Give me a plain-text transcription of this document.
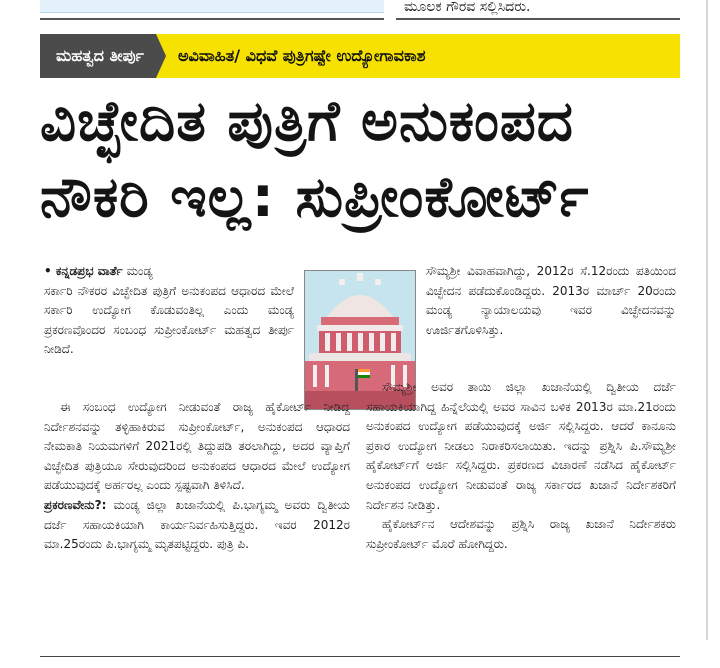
ಮೂಲಕ ಗೌರವ ಸಲ್ಲಿಸಿದರು.
ಮಹತ್ವದ ತೀರ್ಪು	ಅವಿವಾಹಿತ/ ವಿಧವೆ ಪುತ್ರಿಗಷ್ಟೇ ಉದ್ಯೋಗಾವಕಾಶ
ವಿಚ್ಛೇದಿತ ಪುತ್ರಿಗೆ ಅನುಕಂಪದ
ನೌಕರಿ ಇಲ್ಲ: ಸುಪ್ರೀಂಕೋರ್ಟ್

• ಕನ್ನಡಪ್ರಭ ವಾರ್ತೆ ಮಂಡ್ಯ

ಸರ್ಕಾರಿ ನೌಕರರ ವಿಚ್ಛೇದಿತ ಪುತ್ರಿಗೆ ಅನುಕಂಪದ ಆಧಾರದ ಮೇಲೆ ಸರ್ಕಾರಿ ಉದ್ಯೋಗ ಕೊಡುವಂತಿಲ್ಲ ಎಂದು ಮಂಡ್ಯ ಪ್ರಕರಣವೊಂದರ ಸಂಬಂಧ ಸುಪ್ರೀಂಕೋರ್ಟ್ ಮಹತ್ವದ ತೀರ್ಪು ನೀಡಿದೆ.

ಈ ಸಂಬಂಧ ಉದ್ಯೋಗ ನೀಡುವಂತೆ ರಾಜ್ಯ ಹೈಕೋರ್ಟ್ ನೀಡಿದ್ದ ನಿರ್ದೇಶನವನ್ನು ತಳ್ಳಿಹಾಕಿರುವ ಸುಪ್ರೀಂಕೋರ್ಟ್, ಅನುಕಂಪದ ಆಧಾರದ ನೇಮಕಾತಿ ನಿಯಮಗಳಿಗೆ 2021ರಲ್ಲಿ ತಿದ್ದುಪಡಿ ತರಲಾಗಿದ್ದು, ಅದರ ವ್ಯಾಪ್ತಿಗೆ ವಿಚ್ಛೇದಿತ ಪುತ್ರಿಯೂ ಸೇರುವುದರಿಂದ ಅನುಕಂಪದ ಆಧಾರದ ಮೇಲೆ ಉದ್ಯೋಗ ಪಡೆಯುವುದಕ್ಕೆ ಅರ್ಹರಲ್ಲ ಎಂದು ಸ್ಪಷ್ಟವಾಗಿ ತಿಳಿಸಿದೆ.

ಪ್ರಕರಣವೇನು?: ಮಂಡ್ಯ ಜಿಲ್ಲಾ ಖಜಾನೆಯಲ್ಲಿ ಪಿ.ಭಾಗ್ಯಮ್ಮ ಅವರು ದ್ವಿತೀಯ ದರ್ಜೆ ಸಹಾಯಕಿಯಾಗಿ ಕಾರ್ಯನಿರ್ವಹಿಸುತ್ತಿದ್ದರು. ಇವರ 2012ರ ಮಾ.25ರಂದು ಪಿ.ಭಾಗ್ಯಮ್ಮ ಮೃತಪಟ್ಟಿದ್ದರು. ಪುತ್ರಿ ಪಿ.

ಸೌಮ್ಯಶ್ರೀ ವಿವಾಹವಾಗಿದ್ದು, 2012ರ ಸೆ.12ರಂದು ಪತಿಯಿಂದ ವಿಚ್ಛೇದನ ಪಡೆದುಕೊಂಡಿದ್ದರು. 2013ರ ಮಾರ್ಚ್ 20ರಂದು ಮಂಡ್ಯ ನ್ಯಾಯಾಲಯವು ಇವರ ವಿಚ್ಛೇದನವನ್ನು ಊರ್ಜಿತಗೊಳಿಸಿತ್ತು.

ಸೌಮ್ಯಶ್ರೀ ಅವರ ತಾಯಿ ಜಿಲ್ಲಾ ಖಜಾನೆಯಲ್ಲಿ ದ್ವಿತೀಯ ದರ್ಜೆ ಸಹಾಯಕಿಯಾಗಿದ್ದ ಹಿನ್ನೆಲೆಯಲ್ಲಿ ಅವರ ಸಾವಿನ ಬಳಿಕ 2013ರ ಮಾ.21ರಂದು ಅನುಕಂಪದ ಉದ್ಯೋಗ ಪಡೆಯುವುದಕ್ಕೆ ಅರ್ಜಿ ಸಲ್ಲಿಸಿದ್ದರು. ಆದರೆ ಕಾನೂನು ಪ್ರಕಾರ ಉದ್ಯೋಗ ನೀಡಲು ನಿರಾಕರಿಸಲಾಯಿತು. ಇದನ್ನು ಪ್ರಶ್ನಿಸಿ ಪಿ.ಸೌಮ್ಯಶ್ರೀ ಹೈಕೋರ್ಟ್‌ಗೆ ಅರ್ಜಿ ಸಲ್ಲಿಸಿದ್ದರು. ಪ್ರಕರಣದ ವಿಚಾರಣೆ ನಡೆಸಿದ ಹೈಕೋರ್ಟ್ ಅನುಕಂಪದ ಉದ್ಯೋಗ ನೀಡುವಂತೆ ರಾಜ್ಯ ಸರ್ಕಾರದ ಖಜಾನೆ ನಿರ್ದೇಶಕರಿಗೆ ನಿರ್ದೇಶನ ನೀಡಿತ್ತು.

ಹೈಕೋರ್ಟ್‌ನ ಆದೇಶವನ್ನು ಪ್ರಶ್ನಿಸಿ ರಾಜ್ಯ ಖಜಾನೆ ನಿರ್ದೇಶಕರು ಸುಪ್ರೀಂಕೋರ್ಟ್ ಮೊರೆ ಹೋಗಿದ್ದರು.
